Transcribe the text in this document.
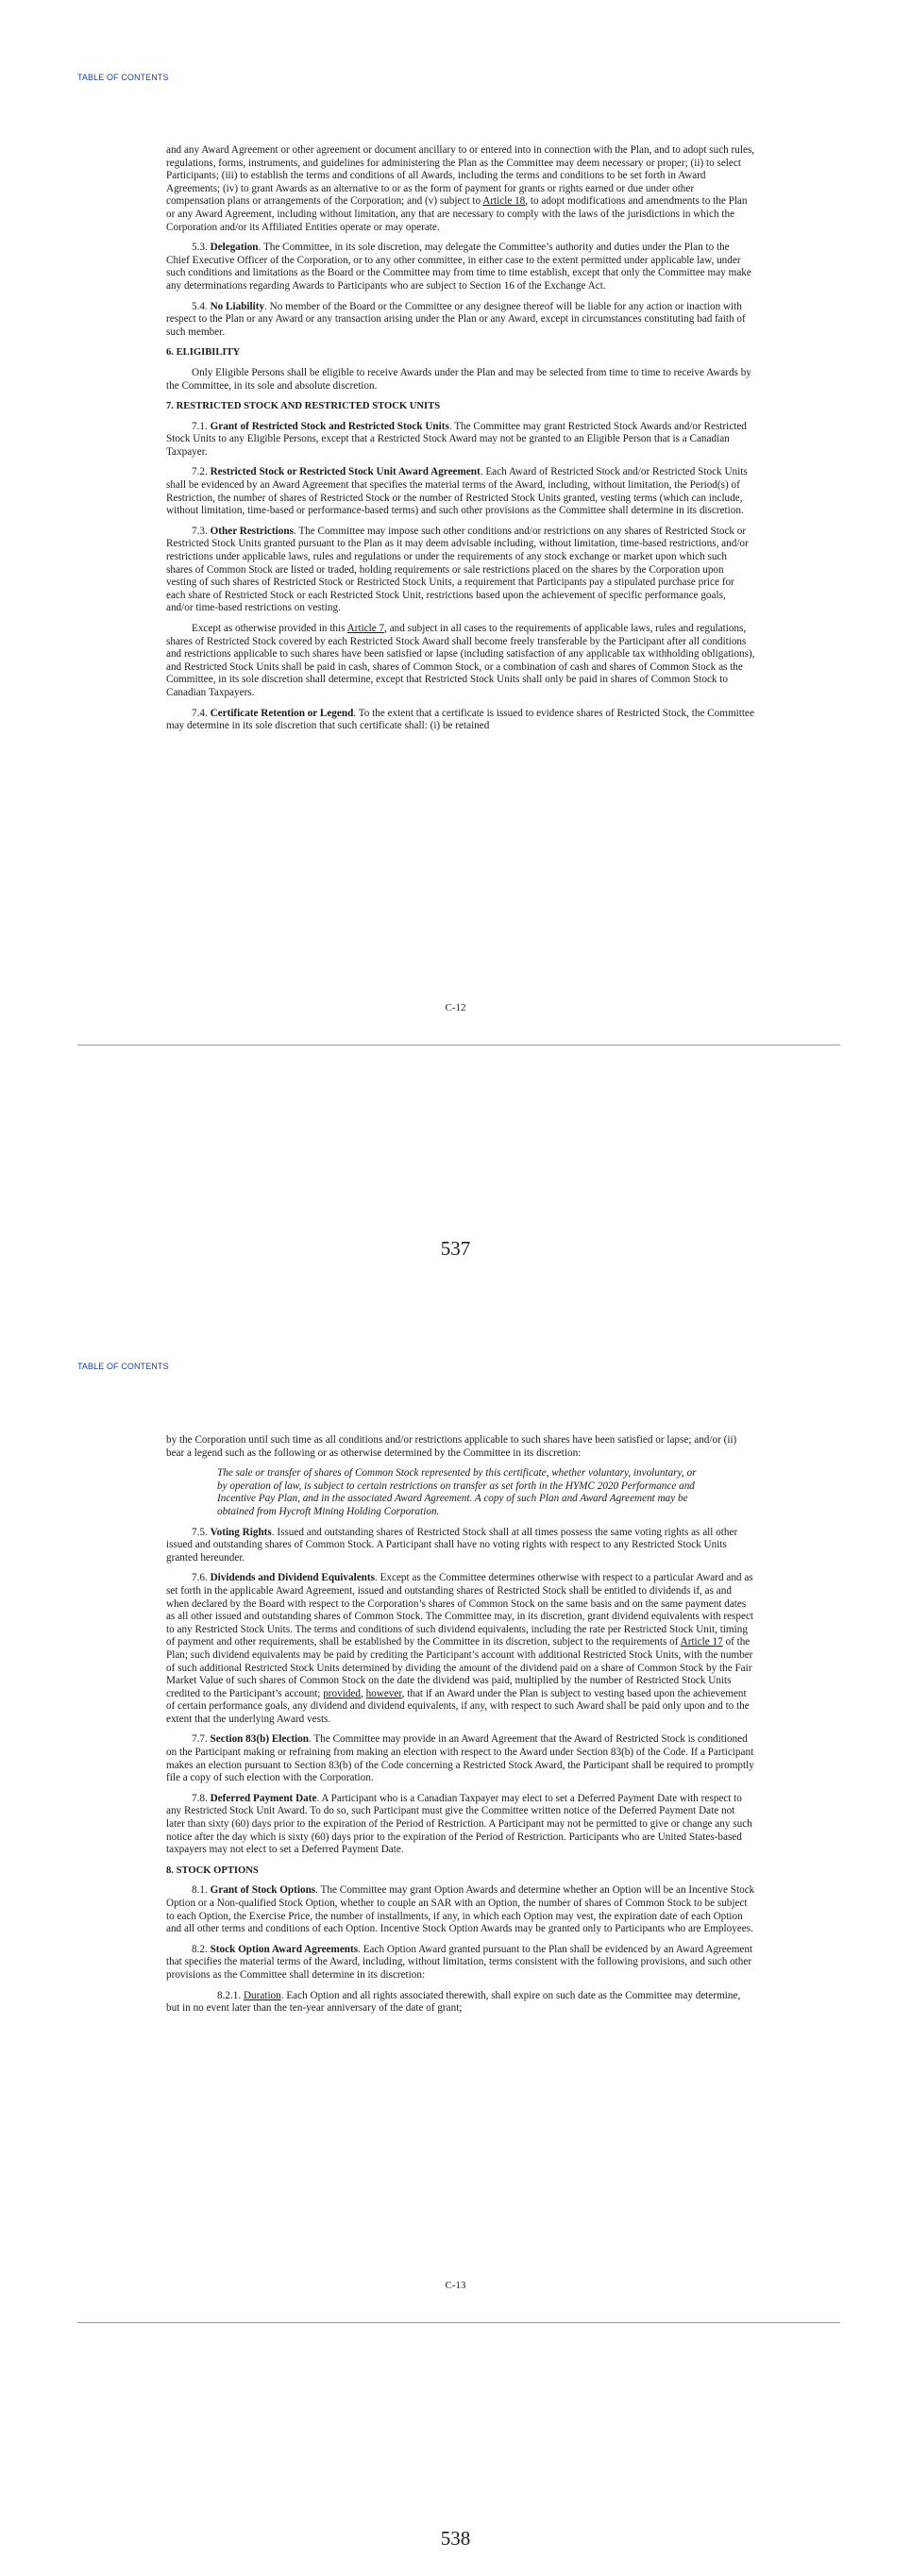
TABLE OF CONTENTS

and any Award Agreement or other agreement or document ancillary to or entered into in connection with the Plan, and to adopt such rules, regulations, forms, instruments, and guidelines for administering the Plan as the Committee may deem necessary or proper; (ii) to select Participants; (iii) to establish the terms and conditions of all Awards, including the terms and conditions to be set forth in Award Agreements; (iv) to grant Awards as an alternative to or as the form of payment for grants or rights earned or due under other compensation plans or arrangements of the Corporation; and (v) subject to Article 18, to adopt modifications and amendments to the Plan or any Award Agreement, including without limitation, any that are necessary to comply with the laws of the jurisdictions in which the Corporation and/or its Affiliated Entities operate or may operate.

5.3. Delegation. The Committee, in its sole discretion, may delegate the Committee’s authority and duties under the Plan to the Chief Executive Officer of the Corporation, or to any other committee, in either case to the extent permitted under applicable law, under such conditions and limitations as the Board or the Committee may from time to time establish, except that only the Committee may make any determinations regarding Awards to Participants who are subject to Section 16 of the Exchange Act.

5.4. No Liability. No member of the Board or the Committee or any designee thereof will be liable for any action or inaction with respect to the Plan or any Award or any transaction arising under the Plan or any Award, except in circumstances constituting bad faith of such member.

6. ELIGIBILITY

Only Eligible Persons shall be eligible to receive Awards under the Plan and may be selected from time to time to receive Awards by the Committee, in its sole and absolute discretion.

7. RESTRICTED STOCK AND RESTRICTED STOCK UNITS

7.1. Grant of Restricted Stock and Restricted Stock Units. The Committee may grant Restricted Stock Awards and/or Restricted Stock Units to any Eligible Persons, except that a Restricted Stock Award may not be granted to an Eligible Person that is a Canadian Taxpayer.

7.2. Restricted Stock or Restricted Stock Unit Award Agreement. Each Award of Restricted Stock and/or Restricted Stock Units shall be evidenced by an Award Agreement that specifies the material terms of the Award, including, without limitation, the Period(s) of Restriction, the number of shares of Restricted Stock or the number of Restricted Stock Units granted, vesting terms (which can include, without limitation, time-based or performance-based terms) and such other provisions as the Committee shall determine in its discretion.

7.3. Other Restrictions. The Committee may impose such other conditions and/or restrictions on any shares of Restricted Stock or Restricted Stock Units granted pursuant to the Plan as it may deem advisable including, without limitation, time-based restrictions, and/or restrictions under applicable laws, rules and regulations or under the requirements of any stock exchange or market upon which such shares of Common Stock are listed or traded, holding requirements or sale restrictions placed on the shares by the Corporation upon vesting of such shares of Restricted Stock or Restricted Stock Units, a requirement that Participants pay a stipulated purchase price for each share of Restricted Stock or each Restricted Stock Unit, restrictions based upon the achievement of specific performance goals, and/or time-based restrictions on vesting.

Except as otherwise provided in this Article 7, and subject in all cases to the requirements of applicable laws, rules and regulations, shares of Restricted Stock covered by each Restricted Stock Award shall become freely transferable by the Participant after all conditions and restrictions applicable to such shares have been satisfied or lapse (including satisfaction of any applicable tax withholding obligations), and Restricted Stock Units shall be paid in cash, shares of Common Stock, or a combination of cash and shares of Common Stock as the Committee, in its sole discretion shall determine, except that Restricted Stock Units shall only be paid in shares of Common Stock to Canadian Taxpayers.

7.4. Certificate Retention or Legend. To the extent that a certificate is issued to evidence shares of Restricted Stock, the Committee may determine in its sole discretion that such certificate shall: (i) be retained

C-12
537
TABLE OF CONTENTS

by the Corporation until such time as all conditions and/or restrictions applicable to such shares have been satisfied or lapse; and/or (ii) bear a legend such as the following or as otherwise determined by the Committee in its discretion:

The sale or transfer of shares of Common Stock represented by this certificate, whether voluntary, involuntary, or by operation of law, is subject to certain restrictions on transfer as set forth in the HYMC 2020 Performance and Incentive Pay Plan, and in the associated Award Agreement. A copy of such Plan and Award Agreement may be obtained from Hycroft Mining Holding Corporation.

7.5. Voting Rights. Issued and outstanding shares of Restricted Stock shall at all times possess the same voting rights as all other issued and outstanding shares of Common Stock. A Participant shall have no voting rights with respect to any Restricted Stock Units granted hereunder.

7.6. Dividends and Dividend Equivalents. Except as the Committee determines otherwise with respect to a particular Award and as set forth in the applicable Award Agreement, issued and outstanding shares of Restricted Stock shall be entitled to dividends if, as and when declared by the Board with respect to the Corporation’s shares of Common Stock on the same basis and on the same payment dates as all other issued and outstanding shares of Common Stock. The Committee may, in its discretion, grant dividend equivalents with respect to any Restricted Stock Units. The terms and conditions of such dividend equivalents, including the rate per Restricted Stock Unit, timing of payment and other requirements, shall be established by the Committee in its discretion, subject to the requirements of Article 17 of the Plan; such dividend equivalents may be paid by crediting the Participant’s account with additional Restricted Stock Units, with the number of such additional Restricted Stock Units determined by dividing the amount of the dividend paid on a share of Common Stock by the Fair Market Value of such shares of Common Stock on the date the dividend was paid, multiplied by the number of Restricted Stock Units credited to the Participant’s account; provided, however, that if an Award under the Plan is subject to vesting based upon the achievement of certain performance goals, any dividend and dividend equivalents, if any, with respect to such Award shall be paid only upon and to the extent that the underlying Award vests.

7.7. Section 83(b) Election. The Committee may provide in an Award Agreement that the Award of Restricted Stock is conditioned on the Participant making or refraining from making an election with respect to the Award under Section 83(b) of the Code. If a Participant makes an election pursuant to Section 83(b) of the Code concerning a Restricted Stock Award, the Participant shall be required to promptly file a copy of such election with the Corporation.

7.8. Deferred Payment Date. A Participant who is a Canadian Taxpayer may elect to set a Deferred Payment Date with respect to any Restricted Stock Unit Award. To do so, such Participant must give the Committee written notice of the Deferred Payment Date not later than sixty (60) days prior to the expiration of the Period of Restriction. A Participant may not be permitted to give or change any such notice after the day which is sixty (60) days prior to the expiration of the Period of Restriction. Participants who are United States-based taxpayers may not elect to set a Deferred Payment Date.

8. STOCK OPTIONS

8.1. Grant of Stock Options. The Committee may grant Option Awards and determine whether an Option will be an Incentive Stock Option or a Non-qualified Stock Option, whether to couple an SAR with an Option, the number of shares of Common Stock to be subject to each Option, the Exercise Price, the number of installments, if any, in which each Option may vest, the expiration date of each Option and all other terms and conditions of each Option. Incentive Stock Option Awards may be granted only to Participants who are Employees.

8.2. Stock Option Award Agreements. Each Option Award granted pursuant to the Plan shall be evidenced by an Award Agreement that specifies the material terms of the Award, including, without limitation, terms consistent with the following provisions, and such other provisions as the Committee shall determine in its discretion:

8.2.1. Duration. Each Option and all rights associated therewith, shall expire on such date as the Committee may determine, but in no event later than the ten-year anniversary of the date of grant;

C-13
538
